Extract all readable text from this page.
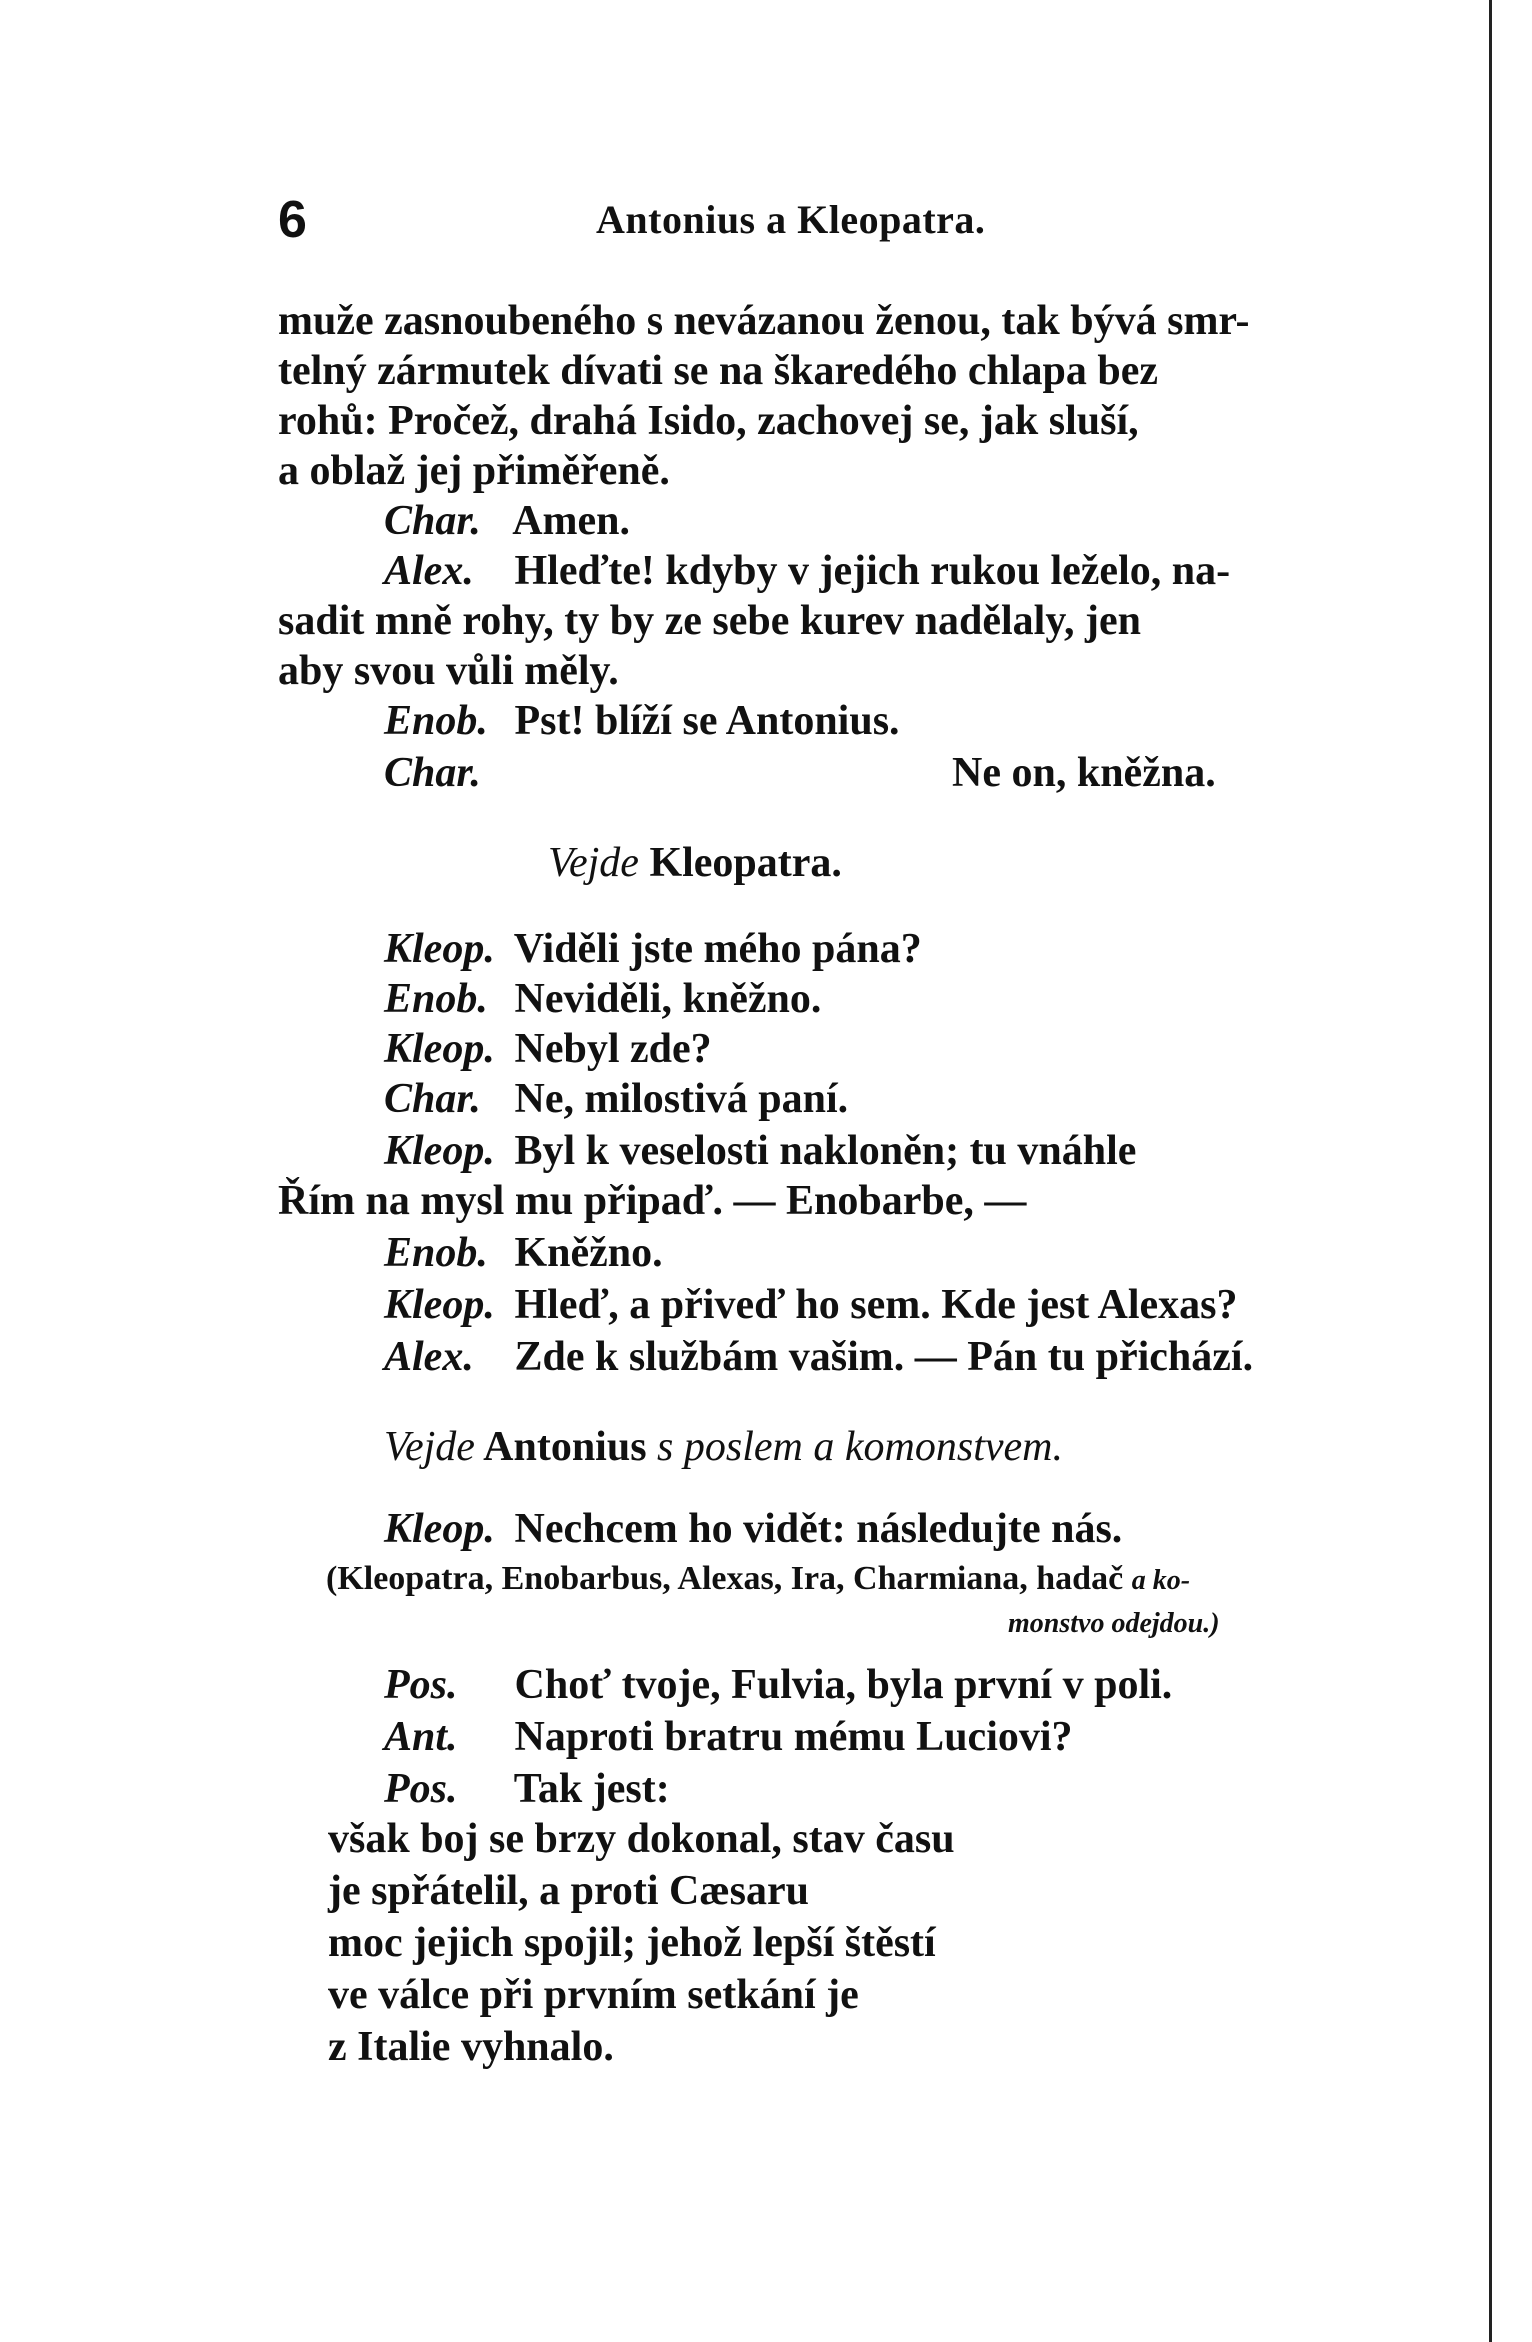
6	Antonius a Kleopatra.
muže zasnoubeného s nevázanou ženou, tak bývá smr-
telný zármutek dívati se na škaredého chlapa bez
rohů: Pročež, drahá Isido, zachovej se, jak sluší,
a oblaž jej přiměřeně.
Char. Amen.
Alex. Hleďte! kdyby v jejich rukou leželo, na-
sadit mně rohy, ty by ze sebe kurev nadělaly, jen
aby svou vůli měly.
Enob. Pst! blíží se Antonius.
Char.	Ne on, kněžna.
Vejde Kleopatra.
Kleop. Viděli jste mého pána?
Enob. Neviděli, kněžno.
Kleop. Nebyl zde?
Char. Ne, milostivá paní.
Kleop. Byl k veselosti nakloněn; tu vnáhle
Řím na mysl mu připaď. — Enobarbe, —
Enob. Kněžno.
Kleop. Hleď, a přiveď ho sem. Kde jest Alexas?
Alex. Zde k službám vašim. — Pán tu přichází.
Vejde Antonius s poslem a komonstvem.
Kleop. Nechcem ho vidět: následujte nás.
(Kleopatra, Enobarbus, Alexas, Ira, Charmiana, hadač a ko-
monstvo odejdou.)
Pos. Choť tvoje, Fulvia, byla první v poli.
Ant. Naproti bratru mému Luciovi?
Pos. Tak jest:
však boj se brzy dokonal, stav času
je spřátelil, a proti Cæsaru
moc jejich spojil; jehož lepší štěstí
ve válce při prvním setkání je
z Italie vyhnalo.
